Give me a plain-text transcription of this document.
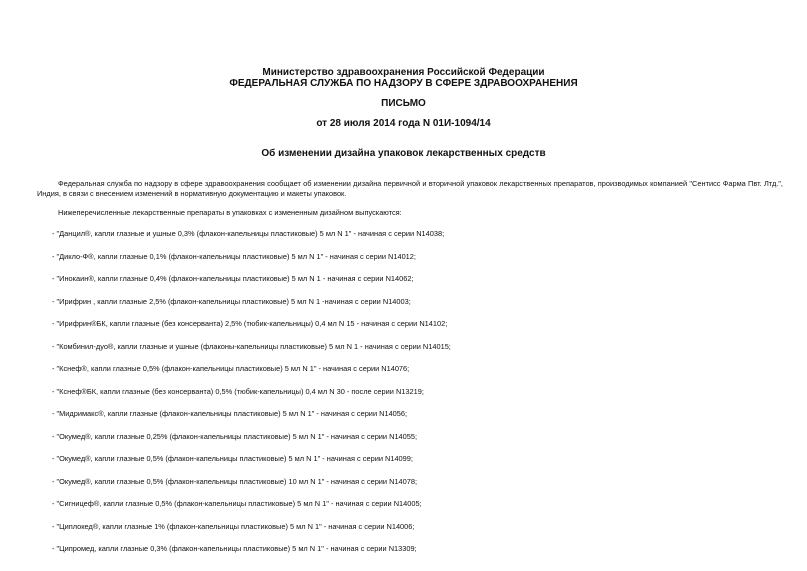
Министерство здравоохранения Российской Федерации
ФЕДЕРАЛЬНАЯ СЛУЖБА ПО НАДЗОРУ В СФЕРЕ ЗДРАВООХРАНЕНИЯ
ПИСЬМО
от 28 июля 2014 года N 01И-1094/14
Об изменении дизайна упаковок лекарственных средств
Федеральная служба по надзору в сфере здравоохранения сообщает об изменении дизайна первичной и вторичной упаковок лекарственных препаратов, производимых компанией "Сентисс Фарма Пвт. Лтд.", Индия, в связи с внесением изменений в нормативную документацию и макеты упаковок.
Нижеперечисленные лекарственные препараты в упаковках с измененным дизайном выпускаются:
- "Данцил®, капли глазные и ушные 0,3% (флакон-капельницы пластиковые) 5 мл N 1" - начиная с серии N14038;
- "Дикло-Ф®, капли глазные 0,1% (флакон-капельницы пластиковые) 5 мл N 1" - начиная с серии N14012;
- "Инокаин®, капли глазные 0,4% (флакон-капельницы пластиковые) 5 мл N 1 - начиная с серии N14062;
- "Ирифрин , капли глазные 2,5% (флакон-капельницы пластиковые) 5 мл N 1 -начиная с серии N14003;
- "Ирифрин®БК, капли глазные (без консерванта) 2,5% (тюбик-капельницы) 0,4 мл N 15 - начиная с серии N14102;
- "Комбинил-дуо®, капли глазные и ушные (флаконы-капельницы пластиковые) 5 мл N 1 - начиная с серии N14015;
- "Кснеф®, капли глазные 0,5% (флакон-капельницы пластиковые) 5 мл N 1" - начиная с серии N14076;
- "Кснеф®БК, капли глазные (без консерванта) 0,5% (тюбик-капельницы) 0,4 мл N 30 - после серии N13219;
- "Мидримакс®, капли глазные (флакон-капельницы пластиковые) 5 мл N 1" - начиная с серии N14056;
- "Окумед®, капли глазные 0,25% (флакон-капельницы пластиковые) 5 мл N 1" - начиная с серии N14055;
- "Окумед®, капли глазные 0,5% (флакон-капельницы пластиковые) 5 мл N 1" - начиная с серии N14099;
- "Окумед®, капли глазные 0,5% (флакон-капельницы пластиковые) 10 мл N 1" - начиная с серии N14078;
- "Сигницеф®, капли глазные 0,5% (флакон-капельницы пластиковые) 5 мл N 1" - начиная с серии N14005;
- "Циплокед®, капли глазные 1% (флакон-капельницы пластиковые) 5 мл N 1" - начиная с серии N14006;
- "Ципромед, капли глазные 0,3% (флакон-капельницы пластиковые) 5 мл N 1" - начиная с серии N13309;
